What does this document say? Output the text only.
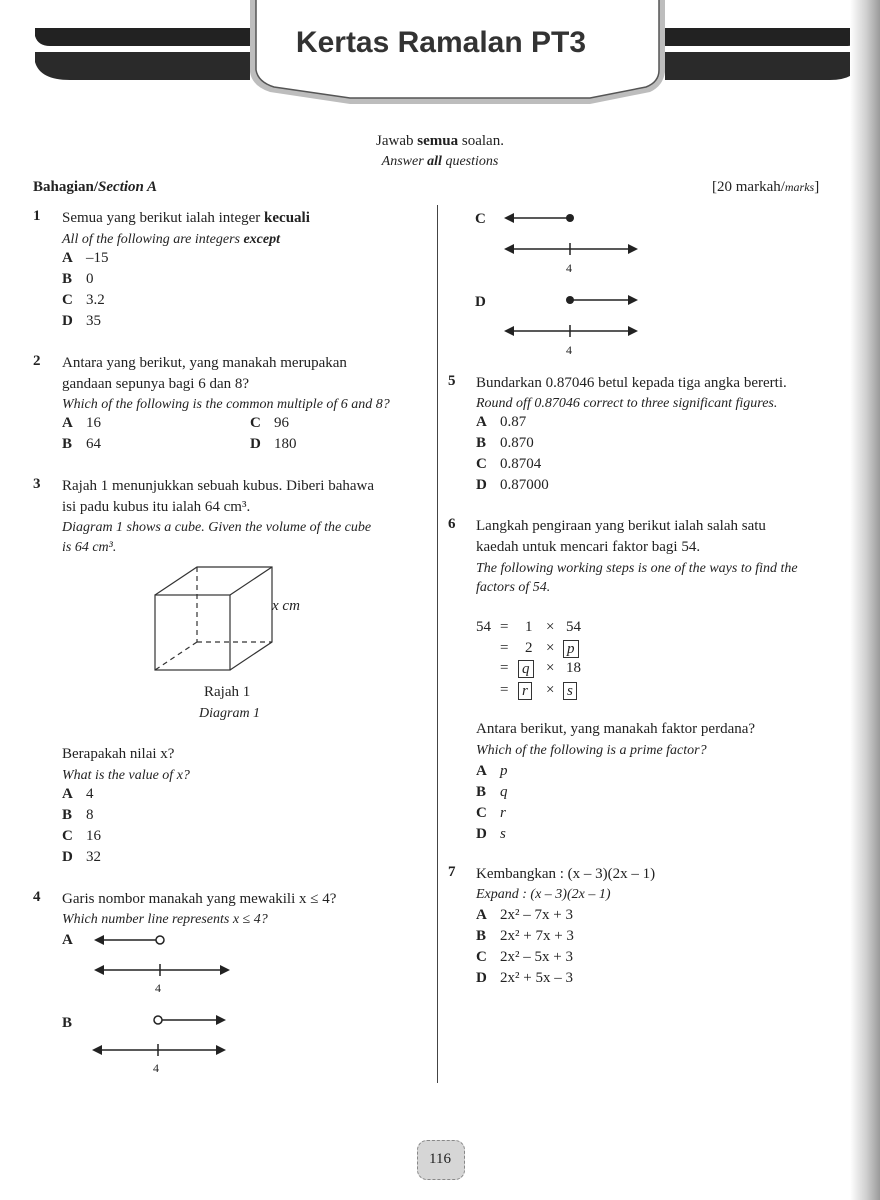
Kertas Ramalan PT3
Jawab semua soalan.
Answer all questions
Bahagian/Section A	[20 markah/marks]
1 Semua yang berikut ialah integer kecuali
All of the following are integers except
A –15
B 0
C 3.2
D 35
2 Antara yang berikut, yang manakah merupakan
gandaan sepunya bagi 6 dan 8?
Which of the following is the common multiple of 6 and 8?
A 16
B 64
C 96
D 180
3 Rajah 1 menunjukkan sebuah kubus. Diberi bahawa
isi padu kubus itu ialah 64 cm³.
Diagram 1 shows a cube. Given the volume of the cube
is 64 cm³.
x cm
Rajah 1
Diagram 1
Berapakah nilai x?
What is the value of x?
A 4
B 8
C 16
D 32
4 Garis nombor manakah yang mewakili x ≤ 4?
Which number line represents x ≤ 4?
A
4
B
4
C
4
D
4
5 Bundarkan 0.87046 betul kepada tiga angka bererti.
Round off 0.87046 correct to three significant figures.
A 0.87
B 0.870
C 0.8704
D 0.87000
6 Langkah pengiraan yang berikut ialah salah satu
kaedah untuk mencari faktor bagi 54.
The following working steps is one of the ways to find the
factors of 54.
54 = 1 × 54
= 2 × p
= q × 18
= r × s
Antara berikut, yang manakah faktor perdana?
Which of the following is a prime factor?
A p
B q
C r
D s
7 Kembangkan : (x – 3)(2x – 1)
Expand : (x – 3)(2x – 1)
A 2x² – 7x + 3
B 2x² + 7x + 3
C 2x² – 5x + 3
D 2x² + 5x – 3
116
